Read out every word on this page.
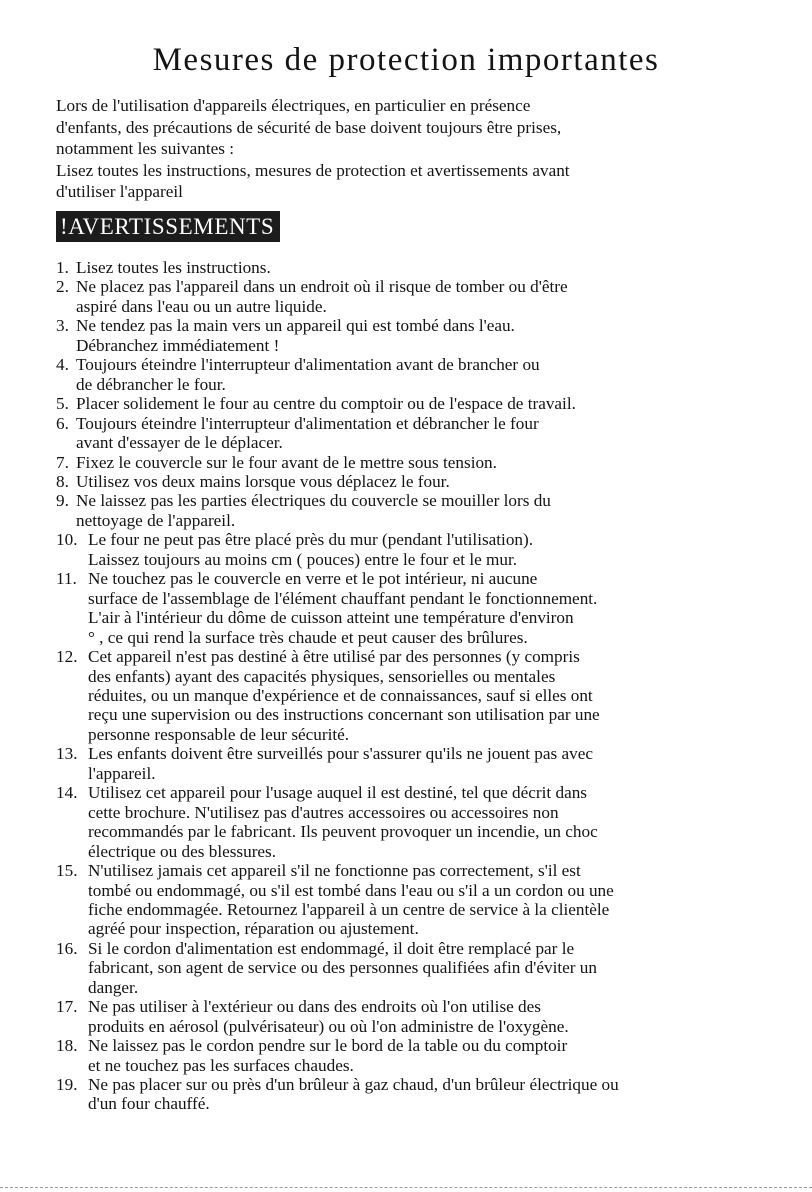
Mesures de protection importantes

Lors de l'utilisation d'appareils électriques, en particulier en présence

d'enfants, des précautions de sécurité de base doivent toujours être prises,

notamment les suivantes :

Lisez toutes les instructions, mesures de protection et avertissements avant

d'utiliser l'appareil

!AVERTISSEMENTS
1. Lisez toutes les instructions.
2. Ne placez pas l'appareil dans un endroit où il risque de tomber ou d'être
aspiré dans l'eau ou un autre liquide.
3. Ne tendez pas la main vers un appareil qui est tombé dans l'eau.
Débranchez immédiatement !
4. Toujours éteindre l'interrupteur d'alimentation avant de brancher ou
de débrancher le four.
5. Placer solidement le four au centre du comptoir ou de l'espace de travail.
6. Toujours éteindre l'interrupteur d'alimentation et débrancher le four
avant d'essayer de le déplacer.
7. Fixez le couvercle sur le four avant de le mettre sous tension.
8. Utilisez vos deux mains lorsque vous déplacez le four.
9. Ne laissez pas les parties électriques du couvercle se mouiller lors du
nettoyage de l'appareil.
10. Le four ne peut pas être placé près du mur (pendant l'utilisation).
Laissez toujours au moins cm ( pouces) entre le four et le mur.
11. Ne touchez pas le couvercle en verre et le pot intérieur, ni aucune
surface de l'assemblage de l'élément chauffant pendant le fonctionnement.
L'air à l'intérieur du dôme de cuisson atteint une température d'environ
° , ce qui rend la surface très chaude et peut causer des brûlures.
12. Cet appareil n'est pas destiné à être utilisé par des personnes (y compris
des enfants) ayant des capacités physiques, sensorielles ou mentales
réduites, ou un manque d'expérience et de connaissances, sauf si elles ont
reçu une supervision ou des instructions concernant son utilisation par une
personne responsable de leur sécurité.
13. Les enfants doivent être surveillés pour s'assurer qu'ils ne jouent pas avec
l'appareil.
14. Utilisez cet appareil pour l'usage auquel il est destiné, tel que décrit dans
cette brochure. N'utilisez pas d'autres accessoires ou accessoires non
recommandés par le fabricant. Ils peuvent provoquer un incendie, un choc
électrique ou des blessures.
15. N'utilisez jamais cet appareil s'il ne fonctionne pas correctement, s'il est
tombé ou endommagé, ou s'il est tombé dans l'eau ou s'il a un cordon ou une
fiche endommagée. Retournez l'appareil à un centre de service à la clientèle
agréé pour inspection, réparation ou ajustement.
16. Si le cordon d'alimentation est endommagé, il doit être remplacé par le
fabricant, son agent de service ou des personnes qualifiées afin d'éviter un
danger.
17. Ne pas utiliser à l'extérieur ou dans des endroits où l'on utilise des
produits en aérosol (pulvérisateur) ou où l'on administre de l'oxygène.
18. Ne laissez pas le cordon pendre sur le bord de la table ou du comptoir
et ne touchez pas les surfaces chaudes.
19. Ne pas placer sur ou près d'un brûleur à gaz chaud, d'un brûleur électrique ou
d'un four chauffé.
